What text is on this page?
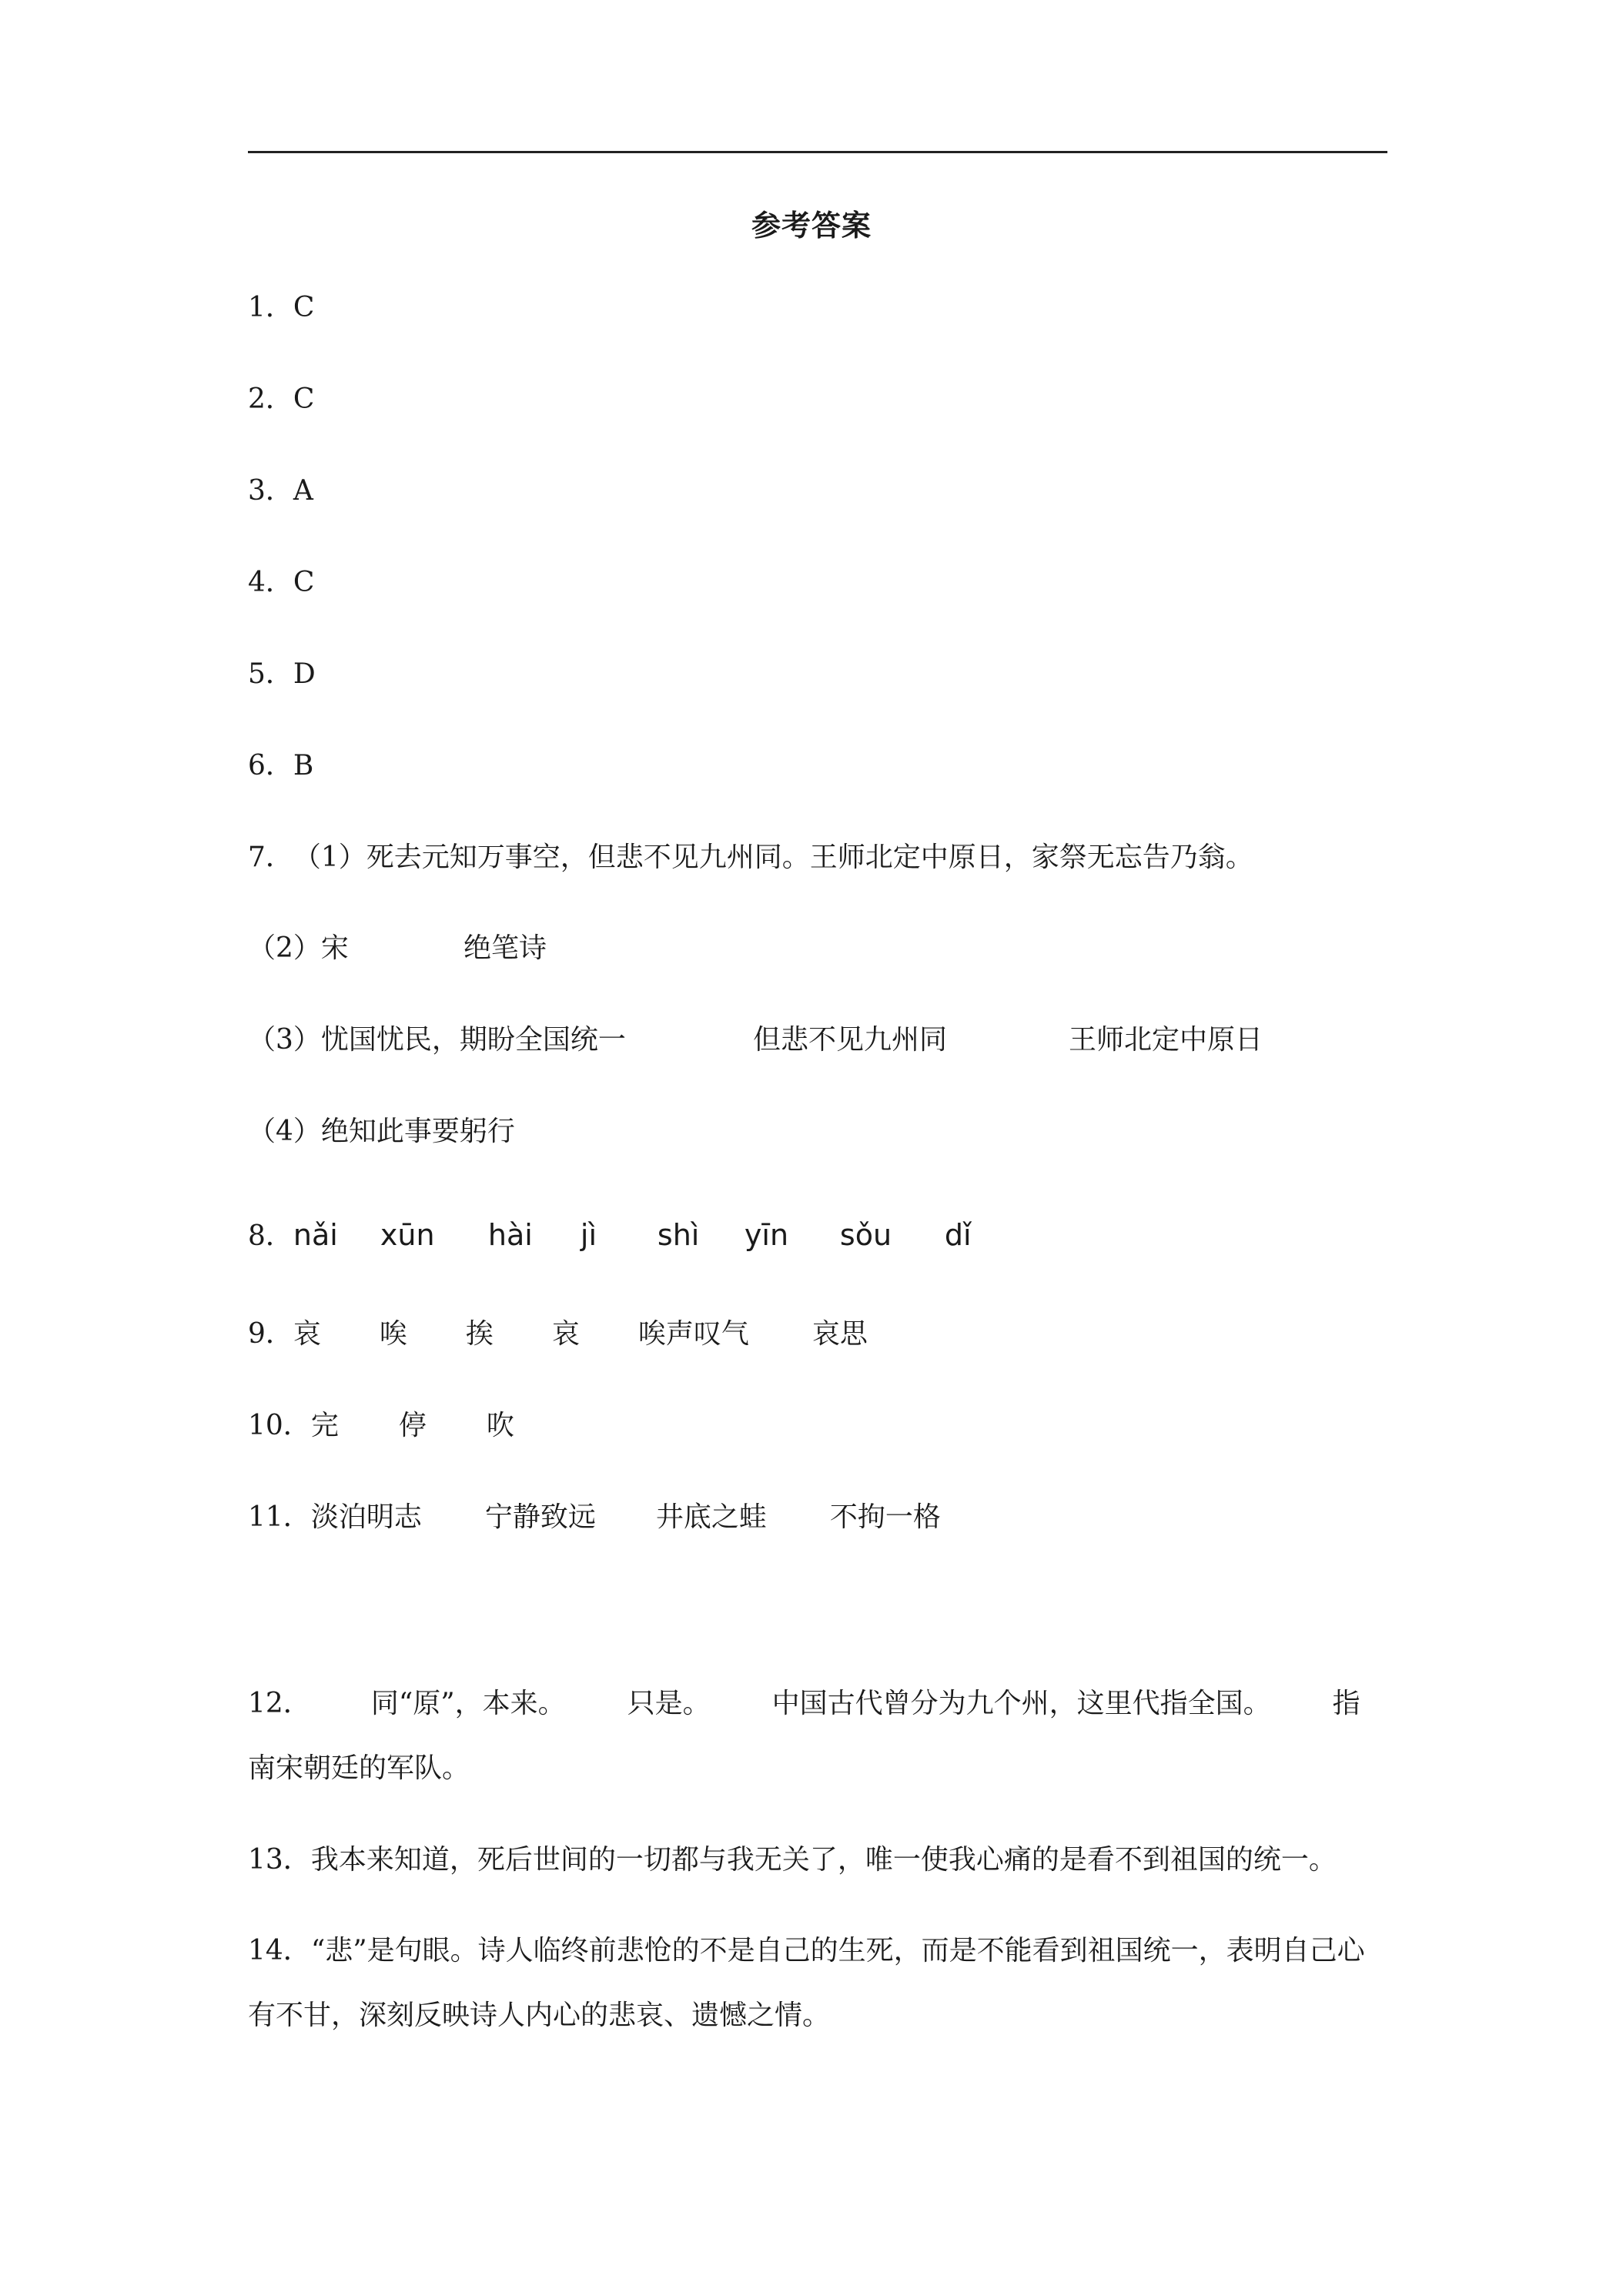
参考答案
1．C
2．C
3．A
4．C
5．D
6．B
7．（1）死去元知万事空，但悲不见九州同。王师北定中原日，家祭无忘告乃翁。
（2）宋	绝笔诗
（3）忧国忧民，期盼全国统一	但悲不见九州同	王师北定中原日
（4）绝知此事要躬行
8．nǎi xūn hài jì shì yīn sǒu dǐ
9．哀 唉 挨 哀 唉声叹气 哀思
10．完 停 吹
11．淡泊明志 宁静致远 井底之蛙 不拘一格
12． 同“原”，本来。 只是。 中国古代曾分为九个州，这里代指全国。 指南宋朝廷的军队。
13．我本来知道，死后世间的一切都与我无关了，唯一使我心痛的是看不到祖国的统一。
14．“悲”是句眼。诗人临终前悲怆的不是自己的生死，而是不能看到祖国统一，表明自己心有不甘，深刻反映诗人内心的悲哀、遗憾之情。
